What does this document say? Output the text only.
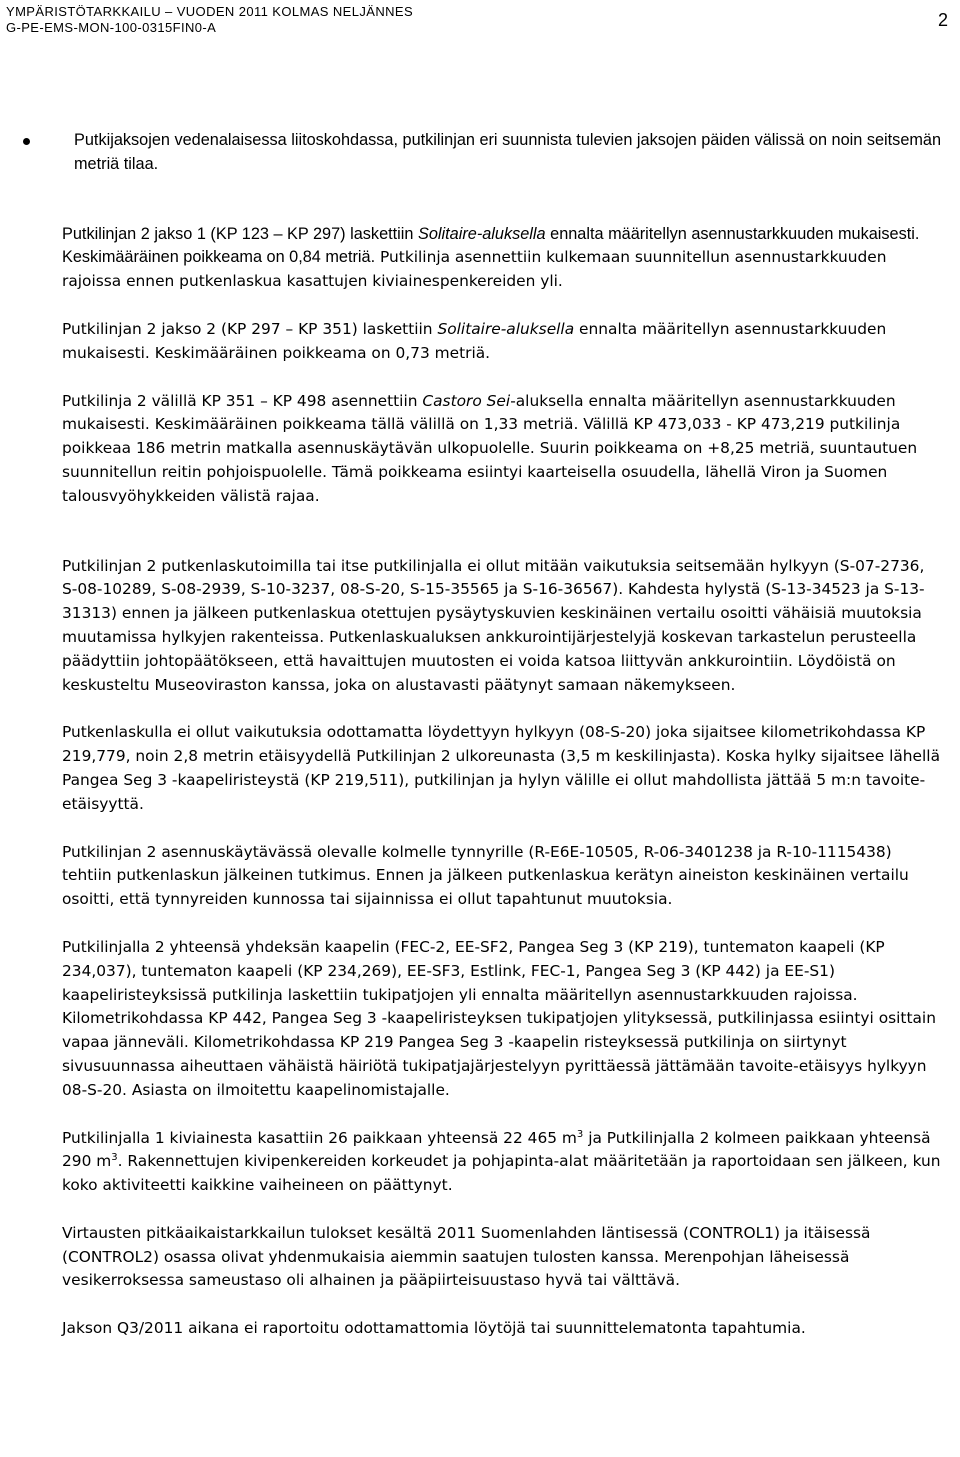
YMPÄRISTÖTARKKAILU – VUODEN 2011 KOLMAS NELJÄNNES
G-PE-EMS-MON-100-0315FIN0-A	2

Putkijaksojen vedenalaisessa liitoskohdassa, putkilinjan eri suunnista tulevien jaksojen päiden välissä on noin seitsemän metriä tilaa.

Putkilinjan 2 jakso 1 (KP 123 – KP 297) laskettiin Solitaire-aluksella ennalta määritellyn asennustarkkuuden mukaisesti. Keskimääräinen poikkeama on 0,84 metriä. Putkilinja asennettiin kulkemaan suunnitellun asennustarkkuuden rajoissa ennen putkenlaskua kasattujen kiviainespenkereiden yli.

Putkilinjan 2 jakso 2 (KP 297 – KP 351) laskettiin Solitaire-aluksella ennalta määritellyn asennustarkkuuden mukaisesti. Keskimääräinen poikkeama on 0,73 metriä.

Putkilinja 2 välillä KP 351 – KP 498 asennettiin Castoro Sei-aluksella ennalta määritellyn asennustarkkuuden mukaisesti. Keskimääräinen poikkeama tällä välillä on 1,33 metriä. Välillä KP 473,033 - KP 473,219 putkilinja poikkeaa 186 metrin matkalla asennuskäytävän ulkopuolelle. Suurin poikkeama on +8,25 metriä, suuntautuen suunnitellun reitin pohjoispuolelle. Tämä poikkeama esiintyi kaarteisella osuudella, lähellä Viron ja Suomen talousvyöhykkeiden välistä rajaa.

Putkilinjan 2 putkenlaskutoimilla tai itse putkilinjalla ei ollut mitään vaikutuksia seitsemään hylkyyn (S-07-2736, S-08-10289, S-08-2939, S-10-3237, 08-S-20, S-15-35565 ja S-16-36567). Kahdesta hylystä (S-13-34523 ja S-13-31313) ennen ja jälkeen putkenlaskua otettujen pysäytyskuvien keskinäinen vertailu osoitti vähäisiä muutoksia muutamissa hylkyjen rakenteissa. Putkenlaskualuksen ankkurointijärjestelyjä koskevan tarkastelun perusteella päädyttiin johtopäätökseen, että havaittujen muutosten ei voida katsoa liittyvän ankkurointiin. Löydöistä on keskusteltu Museoviraston kanssa, joka on alustavasti päätynyt samaan näkemykseen.

Putkenlaskulla ei ollut vaikutuksia odottamatta löydettyyn hylkyyn (08-S-20) joka sijaitsee kilometrikohdassa KP 219,779, noin 2,8 metrin etäisyydellä Putkilinjan 2 ulkoreunasta (3,5 m keskilinjasta). Koska hylky sijaitsee lähellä Pangea Seg 3 -kaapeliristeystä (KP 219,511), putkilinjan ja hylyn välille ei ollut mahdollista jättää 5 m:n tavoite-etäisyyttä.

Putkilinjan 2 asennuskäytävässä olevalle kolmelle tynnyrille (R-E6E-10505, R-06-3401238 ja R-10-1115438) tehtiin putkenlaskun jälkeinen tutkimus. Ennen ja jälkeen putkenlaskua kerätyn aineiston keskinäinen vertailu osoitti, että tynnyreiden kunnossa tai sijainnissa ei ollut tapahtunut muutoksia.

Putkilinjalla 2 yhteensä yhdeksän kaapelin (FEC-2, EE-SF2, Pangea Seg 3 (KP 219), tuntematon kaapeli (KP 234,037), tuntematon kaapeli (KP 234,269), EE-SF3, Estlink, FEC-1, Pangea Seg 3 (KP 442) ja EE-S1) kaapeliristeyksissä putkilinja laskettiin tukipatjojen yli ennalta määritellyn asennustarkkuuden rajoissa. Kilometrikohdassa KP 442, Pangea Seg 3 -kaapeliristeyksen tukipatjojen ylityksessä, putkilinjassa esiintyi osittain vapaa jänneväli. Kilometrikohdassa KP 219 Pangea Seg 3 -kaapelin risteyksessä putkilinja on siirtynyt sivusuunnassa aiheuttaen vähäistä häiriötä tukipatjajärjestelyyn pyrittäessä jättämään tavoite-etäisyys hylkyyn 08-S-20. Asiasta on ilmoitettu kaapelinomistajalle.

Putkilinjalla 1 kiviainesta kasattiin 26 paikkaan yhteensä 22 465 $m^3$ ja Putkilinjalla 2 kolmeen paikkaan yhteensä 290 $m^3$. Rakennettujen kivipenkereiden korkeudet ja pohjapinta-alat määritetään ja raportoidaan sen jälkeen, kun koko aktiviteetti kaikkine vaiheineen on päättynyt.

Virtausten pitkäaikaistarkkailun tulokset kesältä 2011 Suomenlahden läntisessä (CONTROL1) ja itäisessä (CONTROL2) osassa olivat yhdenmukaisia aiemmin saatujen tulosten kanssa. Merenpohjan läheisessä vesikerroksessa sameustaso oli alhainen ja pääpiirteisuustaso hyvä tai välttävä.

Jakson Q3/2011 aikana ei raportoitu odottamattomia löytöjä tai suunnittelematonta tapahtumia.
